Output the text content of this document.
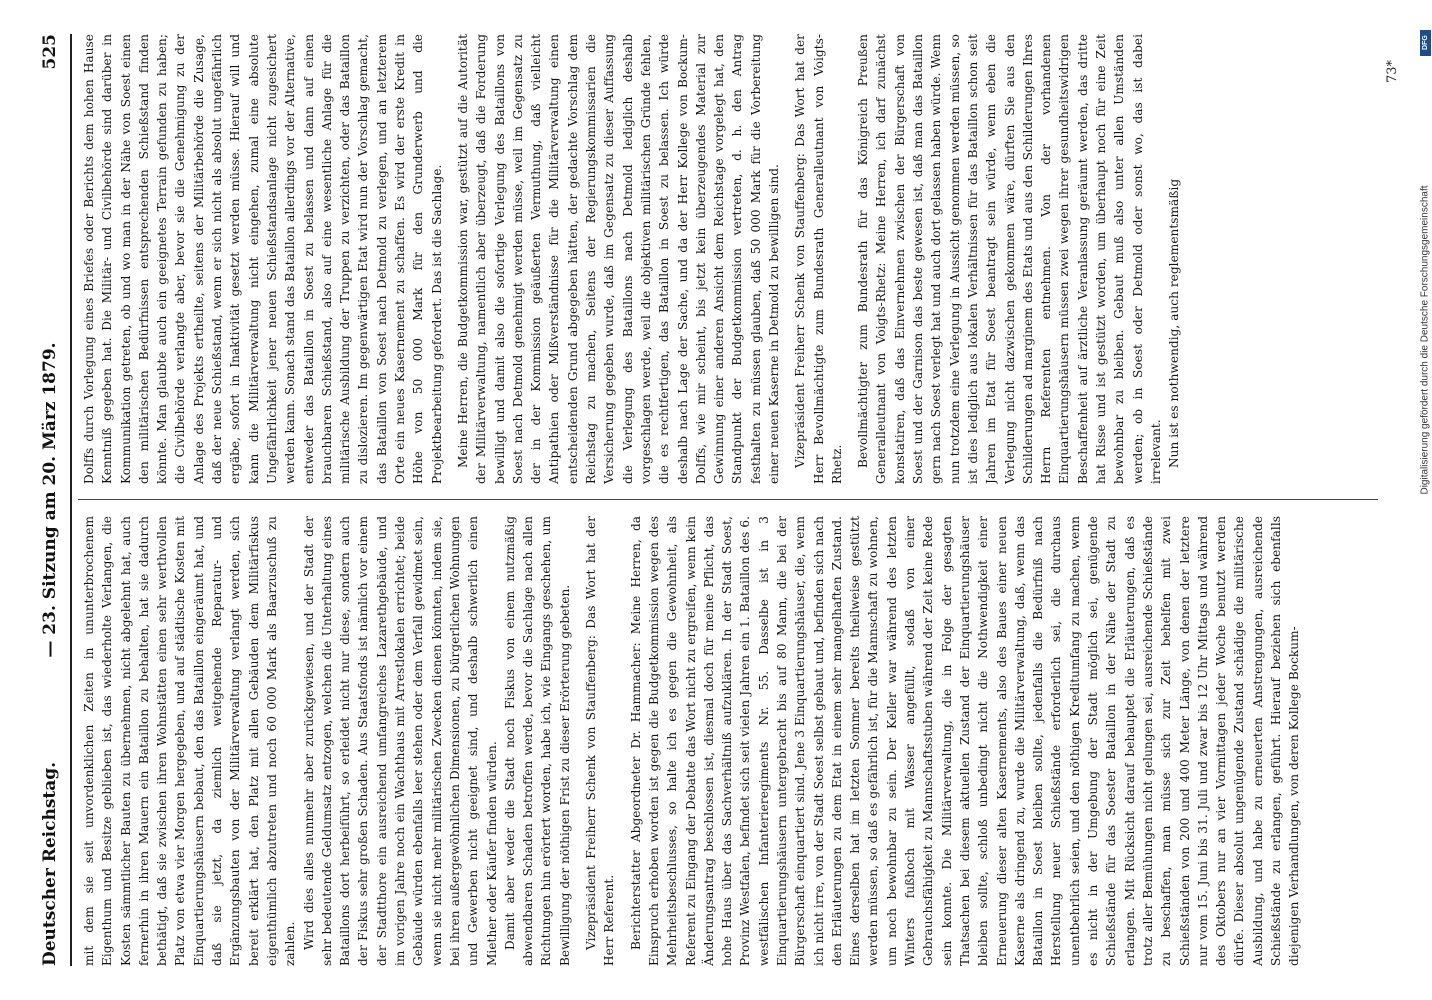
Deutscher Reichstag.
— 23. Sitzung am 20. März 1879.
525

mit dem sie seit unvordenklichen Zeiten in ununterbrochenem Eigenthum und Besitze geblieben ist, das wiederholte Verlangen, die Kosten sämmtlicher Bauten zu übernehmen, nicht abgelehnt hat, auch fernerhin in ihren Mauern ein Bataillon zu behalten, hat sie dadurch bethätigt, daß sie zwischen ihren Wohnstätten einen sehr werthvollen Platz von etwa vier Morgen hergegeben, und auf städtische Kosten mit Einquartierungshäusern bebaut, den das Bataillon eingeräumt hat, und daß sie jetzt, da ziemlich weitgehende Reparatur- und Ergänzungsbauten von der Militärverwaltung verlangt werden, sich bereit erklärt hat, den Platz mit allen Gebäuden dem Militärfiskus eigenthümlich abzutreten und noch 60 000 Mark als Baarzuschuß zu zahlen. Wird dies alles nunmehr aber zurückgewiesen, und der Stadt der sehr bedeutende Geldumsatz entzogen, welchen die Unterhaltung eines Bataillons dort herbeiführt, so erleidet nicht nur diese, sondern auch der Fiskus sehr großen Schaden. Aus Staatsfonds ist nämlich vor einem der Stadtthore ein ausreichend umfangreiches Lazarethgebäude, und im vorigen Jahre noch ein Wachthaus mit Arrestlokalen errichtet; beide Gebäude würden ebenfalls leer stehen oder dem Verfall gewidmet sein, wenn sie nicht mehr militärischen Zwecken dienen könnten, indem sie, bei ihren außergewöhnlichen Dimensionen, zu bürgerlichen Wohnungen und Gewerben nicht geeignet sind, und deshalb schwerlich einen Miether oder Käufer finden würden. Damit aber weder die Stadt noch Fiskus von einem nutzmäßig abwendbaren Schaden betroffen werde, bevor die Sachlage nach allen Richtungen hin erörtert worden, habe ich, wie Eingangs geschehen, um Bewilligung der nöthigen Frist zu dieser Erörterung gebeten. Vizepräsident Freiherr Schenk von Stauffenberg: Das Wort hat der Herr Referent. Berichterstatter Abgeordneter Dr. Hammacher: Meine Herren, da Einspruch erhoben worden ist gegen die Budgetkommission wegen des Mehrheitsbeschlusses, so halte ich es gegen die Gewohnheit, als Referent zu Eingang der Debatte das Wort nicht zu ergreifen, wenn kein Änderungsantrag beschlossen ist, diesmal doch für meine Pflicht, das hohe Haus über das Sachverhältniß aufzuklären. In der Stadt Soest, Provinz Westfalen, befindet sich seit vielen Jahren ein 1. Bataillon des 6. westfälischen Infanterieregiments Nr. 55. Dasselbe ist in 3 Einquartierungshäusern untergebracht bis auf 80 Mann, die bei der Bürgerschaft einquartiert sind. Jene 3 Einquartierungshäuser, die, wenn ich nicht irre, von der Stadt Soest selbst gebaut und, befinden sich nach den Erläuterungen zu dem Etat in einem sehr mangelhaften Zustand. Eines derselben hat im letzten Sommer bereits theilweise gestützt werden müssen, so daß es gefährlich ist, für die Mannschaft zu wohnen, um noch bewohnbar zu sein. Der Keller war während des letzten Winters fußhoch mit Wasser angefüllt, sodaß von einer Gebrauchsfähigkeit zu Mannschaftsstuben während der Zeit keine Rede sein konnte. Die Militärverwaltung, die in Folge der gesagten Thatsachen bei diesem aktuellen Zustand der Einquartierungshäuser bleiben sollte, schloß unbedingt nicht die Nothwendigkeit einer Erneuerung dieser alten Kasernements, also des Baues einer neuen Kaserne als dringend zu, wurde die Militärverwaltung, daß, wenn das Bataillon in Soest bleiben sollte, jedenfalls die Bedürfniß nach Herstellung neuer Schießstände erforderlich sei, die durchaus unentbehrlich seien, und den nöthigen Kreditumfang zu machen, wenn es nicht in der Umgebung der Stadt möglich sei, genügende Schießstände für das Soester Bataillon in der Nähe der Stadt zu erlangen. Mit Rücksicht darauf behauptet die Erläuterungen, daß es trotz aller Bemühungen nicht gelungen sei, ausreichende Schießstände zu beschaffen, man müsse sich zur Zeit behelfen mit zwei Schießständen von 200 und 400 Meter Länge, von denen der letztere nur vom 15. Juni bis 31. Juli und zwar bis 12 Uhr Mittags und während des Oktobers nur an vier Vormittagen jeder Woche benutzt werden dürfe. Dieser absolut ungenügende Zustand schädige die militärische Ausbildung, und habe zu erneuerten Anstrengungen, ausreichende Schießstände zu erlangen, geführt. Hierauf beziehen sich ebenfalls diejenigen Verhandlungen, von deren Kollege Bockum-

Dolffs durch Vorlegung eines Briefes oder Berichts dem hohen Hause Kenntniß gegeben hat. Die Militär- und Civilbehörde sind darüber in Kommunikation getreten, ob und wo man in der Nähe von Soest einen den militärischen Bedürfnissen entsprechenden Schießstand finden könnte. Man glaubte auch ein geeignetes Terrain gefunden zu haben; die Civilbehörde verlangte aber, bevor sie die Genehmigung zu der Anlage des Projekts ertheilte, seitens der Militärbehörde die Zusage, daß der neue Schießstand, wenn er sich nicht als absolut ungefährlich ergäbe, sofort in Inaktivität gesetzt werden müsse. Hierauf will und kann die Militärverwaltung nicht eingehen, zumal eine absolute Ungefährlichkeit jener neuen Schießstandsanlage nicht zugesichert werden kann. Sonach stand das Bataillon allerdings vor der Alternative, entweder das Bataillon in Soest zu belassen und dann auf einen brauchbaren Schießstand, also auf eine wesentliche Anlage für die militärische Ausbildung der Truppen zu verzichten, oder das Bataillon zu dislozieren. Im gegenwärtigen Etat wird nun der Vorschlag gemacht, das Bataillon von Soest nach Detmold zu verlegen, und an letzterem Orte ein neues Kasernement zu schaffen. Es wird der erste Kredit in Höhe von 50 000 Mark für den Grunderwerb und die Projektbearbeitung gefordert. Das ist die Sachlage. Meine Herren, die Budgetkommission war, gestützt auf die Autorität der Militärverwaltung, namentlich aber überzeugt, daß die Forderung bewilligt und damit also die sofortige Verlegung des Bataillons von Soest nach Detmold genehmigt werden müsse, weil im Gegensatz zu der in der Kommission geäußerten Vermuthung, daß vielleicht Antipathien oder Mißverständnisse für die Militärverwaltung einen entscheidenden Grund abgegeben hätten, der gedachte Vorschlag dem Reichstag zu machen, Seitens der Regierungskommissarien die Versicherung gegeben wurde, daß im Gegensatz zu dieser Auffassung die Verlegung des Bataillons nach Detmold lediglich deshalb vorgeschlagen werde, weil die objektiven militärischen Gründe fehlen, die es rechtfertigen, das Bataillon in Soest zu belassen. Ich würde deshalb nach Lage der Sache, und da der Herr Kollege von Bockum-Dolffs, wie mir scheint, bis jetzt kein überzeugendes Material zur Gewinnung einer anderen Ansicht dem Reichstage vorgelegt hat, den Standpunkt der Budgetkommission vertreten, d. h. den Antrag festhalten zu müssen glauben, daß 50 000 Mark für die Vorbereitung einer neuen Kaserne in Detmold zu bewilligen sind. Vizepräsident Freiherr Schenk von Stauffenberg: Das Wort hat der Herr Bevollmächtigte zum Bundesrath Generalleutnant von Voigts-Rhetz. Bevollmächtigter zum Bundesrath für das Königreich Preußen Generalleutnant von Voigts-Rhetz: Meine Herren, ich darf zunächst konstatiren, daß das Einvernehmen zwischen der Bürgerschaft von Soest und der Garnison das beste gewesen ist, daß man das Bataillon gern nach Soest verlegt hat und auch dort gelassen haben würde. Wenn nun trotzdem eine Verlegung in Aussicht genommen werden müssen, so ist dies lediglich aus lokalen Verhältnissen für das Bataillon schon seit Jahren im Etat für Soest beantragt sein würde, wenn eben die Verlegung nicht dazwischen gekommen wäre, dürften Sie aus den Schilderungen ad marginem des Etats und aus den Schilderungen Ihres Herrn Referenten entnehmen. Von der vorhandenen Einquartierungshäusern müssen zwei wegen ihrer gesundheitswidrigen Beschaffenheit auf ärztliche Veranlassung geräumt werden, das dritte hat Risse und ist gestützt worden, um überhaupt noch für eine Zeit bewohnbar zu bleiben. Gebaut muß also unter allen Umständen werden; ob in Soest oder Detmold oder sonst wo, das ist dabei irrelevant. Nun ist es nothwendig, auch reglementsmäßig

73*
Digitalisierung gefördert durch die Deutsche Forschungsgemeinschaft
DFG
